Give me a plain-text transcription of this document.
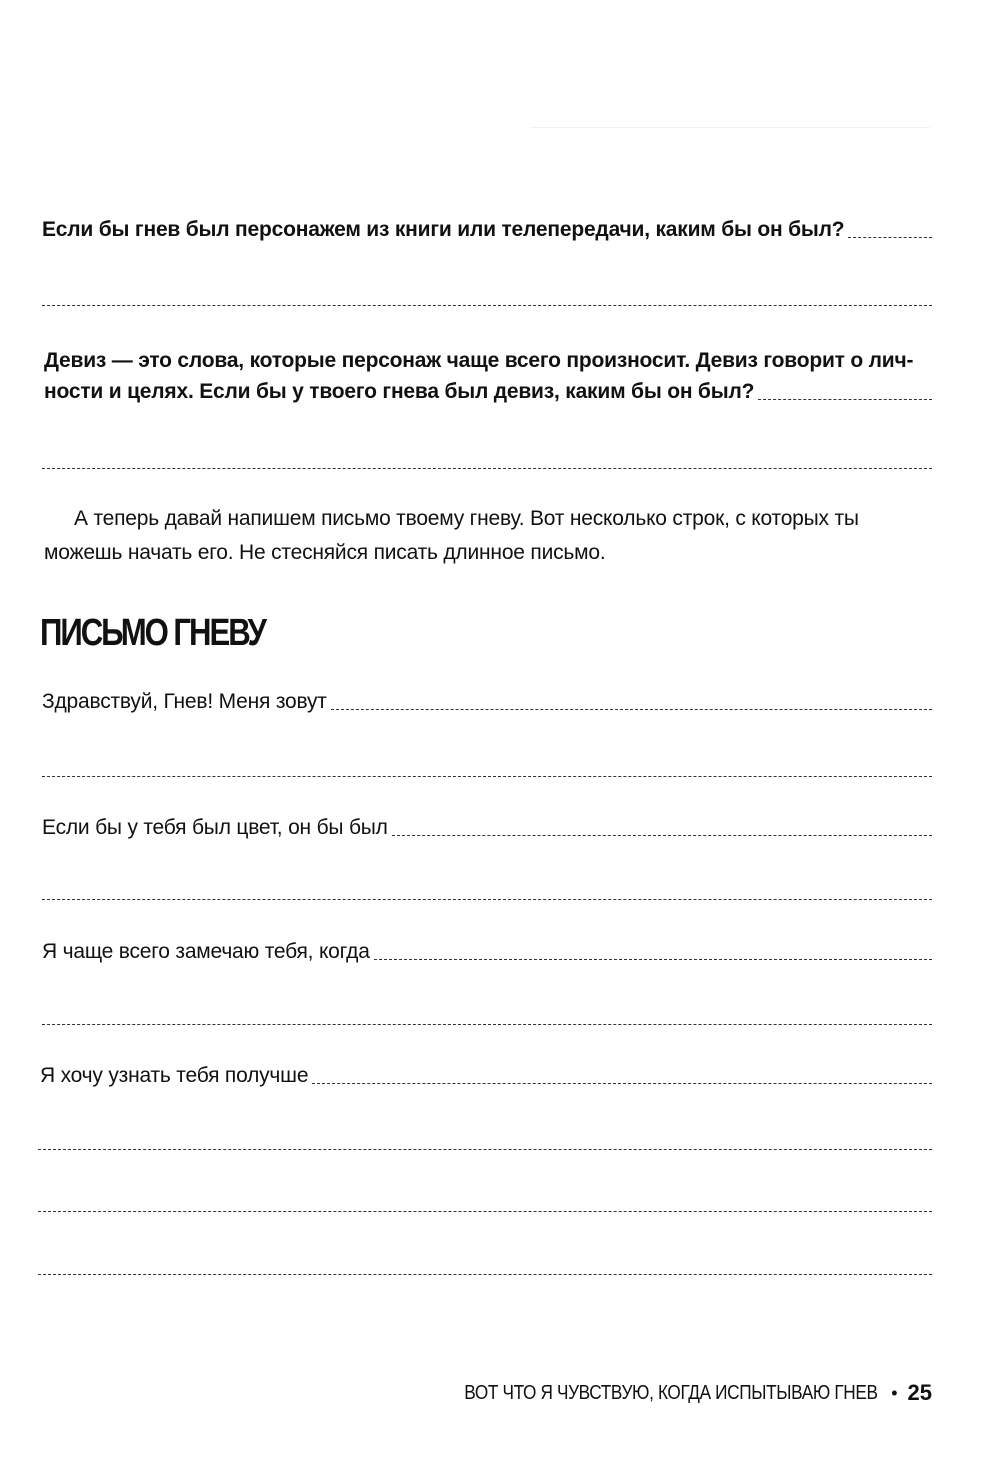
Если бы гнев был персонажем из книги или телепередачи, каким бы он был?
Девиз — это слова, которые персонаж чаще всего произносит. Девиз говорит о лич-
ности и целях. Если бы у твоего гнева был девиз, каким бы он был?
А теперь давай напишем письмо твоему гневу. Вот несколько строк, с которых ты
можешь начать его. Не стесняйся писать длинное письмо.
ПИСЬМО ГНЕВУ
Здравствуй, Гнев! Меня зовут
Если бы у тебя был цвет, он бы был
Я чаще всего замечаю тебя, когда
Я хочу узнать тебя получше
ВОТ ЧТО Я ЧУВСТВУЮ, КОГДА ИСПЫТЫВАЮ ГНЕВ • 25
